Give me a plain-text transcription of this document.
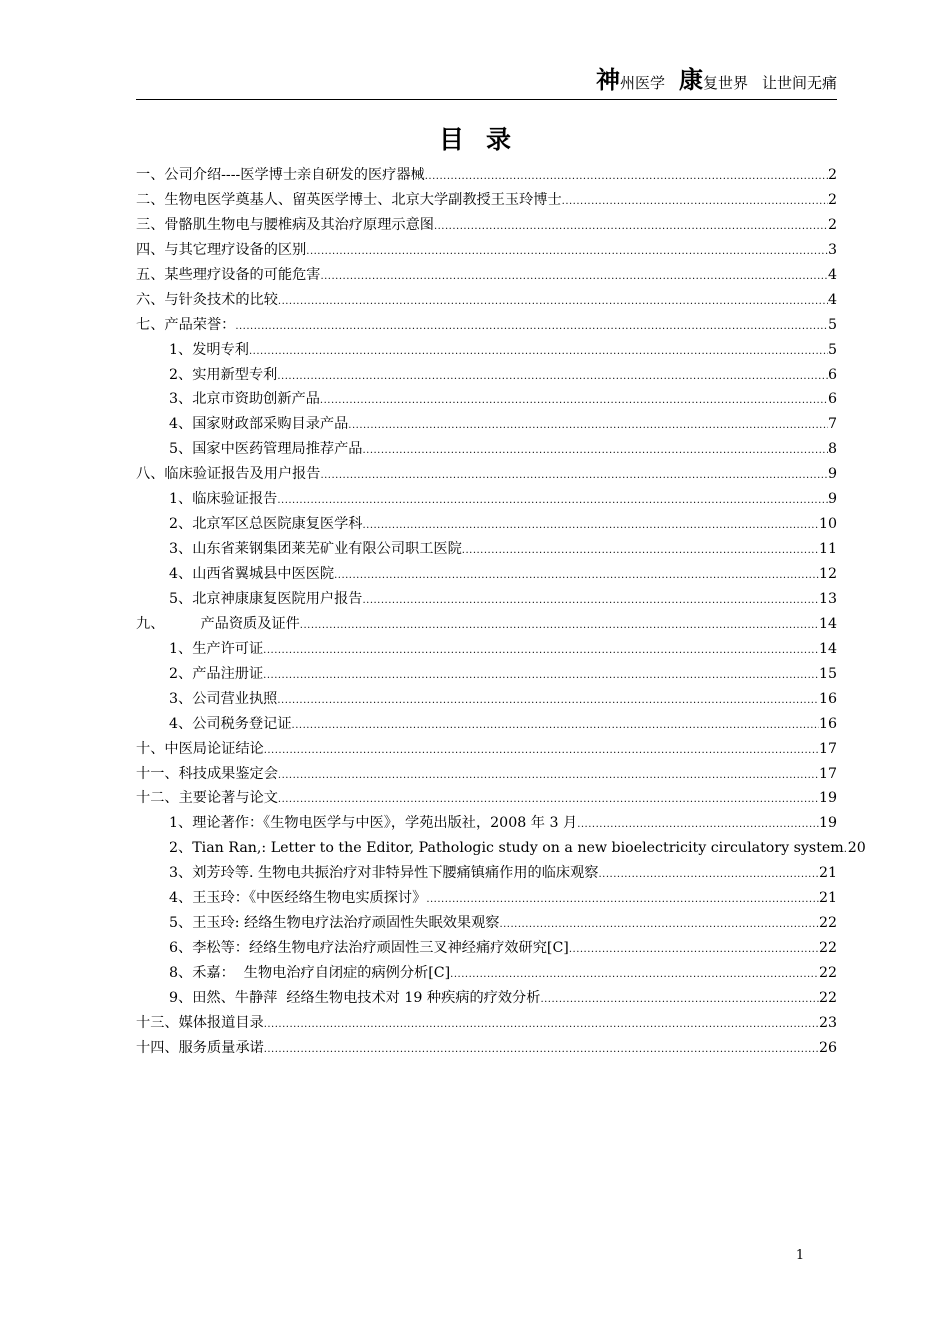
神州医学 康复世界 让世间无痛
目录
一、公司介绍----医学博士亲自研发的医疗器械 .....	2
二、生物电医学奠基人、留英医学博士、北京大学副教授王玉玲博士 .....	2
三、骨骼肌生物电与腰椎病及其治疗原理示意图 .....	2
四、与其它理疗设备的区别 .....	3
五、某些理疗设备的可能危害 .....	4
六、与针灸技术的比较 .....	4
七、产品荣誉： .....	5
1、发明专利 .....	5
2、实用新型专利 .....	6
3、北京市资助创新产品 .....	6
4、国家财政部采购目录产品 .....	7
5、国家中医药管理局推荐产品 .....	8
八、临床验证报告及用户报告 .....	9
1、临床验证报告 .....	9
2、北京军区总医院康复医学科 .....	10
3、山东省莱钢集团莱芜矿业有限公司职工医院 .....	11
4、山西省翼城县中医医院 .....	12
5、北京神康康复医院用户报告 .....	13
九、        产品资质及证件 .....	14
1、生产许可证 .....	14
2、产品注册证 .....	15
3、公司营业执照 .....	16
4、公司税务登记证 .....	16
十、中医局论证结论 .....	17
十一、科技成果鉴定会 .....	17
十二、主要论著与论文 .....	19
1、理论著作：《生物电医学与中医》，学苑出版社，2008 年 3 月 .....	19
2、Tian Ran,: Letter to the Editor, Pathologic study on a new bioelectricity circulatory system ..... 20
3、刘芳玲等. 生物电共振治疗对非特异性下腰痛镇痛作用的临床观察 .....	21
4、王玉玲：《中医经络生物电实质探讨》 .....	21
5、王玉玲: 经络生物电疗法治疗顽固性失眠效果观察 .....	22
6、李松等：经络生物电疗法治疗顽固性三叉神经痛疗效研究[C] .....	22
8、禾嘉：  生物电治疗自闭症的病例分析[C] .....	22
9、田然、牛静萍  经络生物电技术对 19 种疾病的疗效分析 .....	22
十三、媒体报道目录 .....	23
十四、服务质量承诺 .....	26
1
